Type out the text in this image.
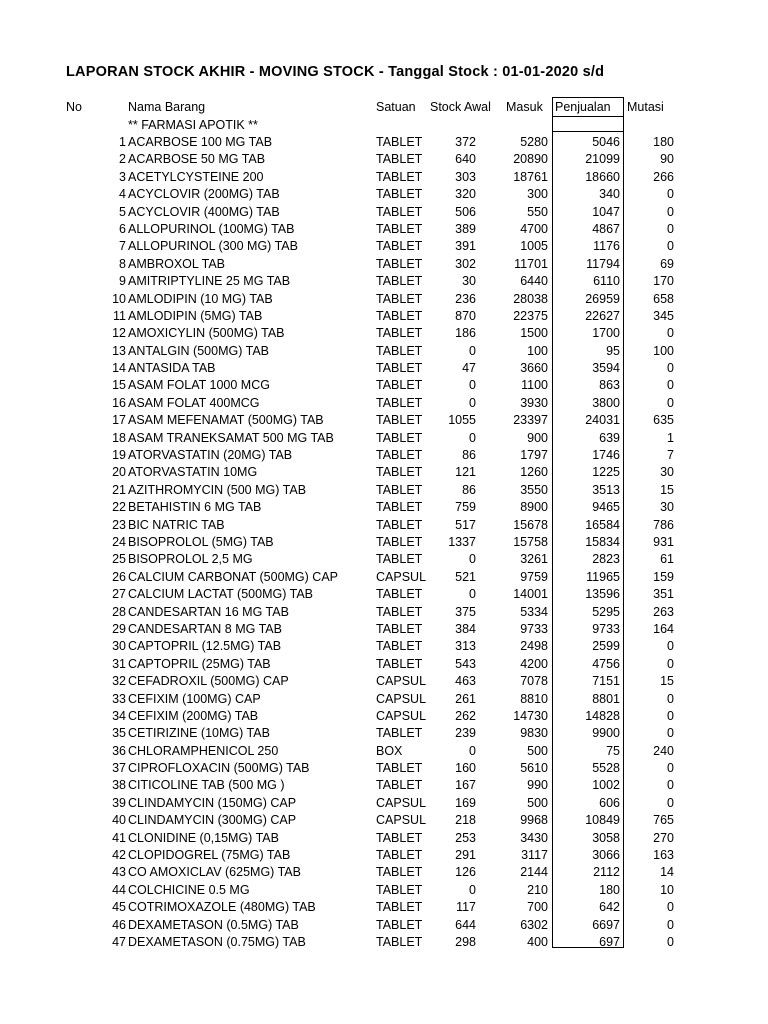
LAPORAN STOCK AKHIR - MOVING STOCK - Tanggal Stock : 01-01-2020 s/d
No	Nama Barang	Satuan Stock Awal Masuk Penjualan Mutasi
** FARMASI APOTIK **
1 ACARBOSE 100 MG TAB	TABLET	372	5280	5046	180
2 ACARBOSE 50 MG TAB	TABLET	640	20890	21099	90
3 ACETYLCYSTEINE 200	TABLET	303	18761	18660	266
4 ACYCLOVIR (200MG) TAB	TABLET	320	300	340	0
5 ACYCLOVIR (400MG) TAB	TABLET	506	550	1047	0
6 ALLOPURINOL (100MG) TAB	TABLET	389	4700	4867	0
7 ALLOPURINOL (300 MG) TAB	TABLET	391	1005	1176	0
8 AMBROXOL TAB	TABLET	302	11701	11794	69
9 AMITRIPTYLINE 25 MG TAB	TABLET	30	6440	6110	170
10 AMLODIPIN (10 MG) TAB	TABLET	236	28038	26959	658
11 AMLODIPIN (5MG) TAB	TABLET	870	22375	22627	345
12 AMOXICYLIN (500MG) TAB	TABLET	186	1500	1700	0
13 ANTALGIN (500MG) TAB	TABLET	0	100	95	100
14 ANTASIDA TAB	TABLET	47	3660	3594	0
15 ASAM FOLAT 1000 MCG	TABLET	0	1100	863	0
16 ASAM FOLAT 400MCG	TABLET	0	3930	3800	0
17 ASAM MEFENAMAT (500MG) TAB	TABLET 1055	23397	24031	635
18 ASAM TRANEKSAMAT 500 MG TAB	TABLET	0	900	639	1
19 ATORVASTATIN (20MG) TAB	TABLET	86	1797	1746	7
20 ATORVASTATIN 10MG	TABLET	121	1260	1225	30
21 AZITHROMYCIN (500 MG) TAB	TABLET	86	3550	3513	15
22 BETAHISTIN 6 MG TAB	TABLET	759	8900	9465	30
23 BIC NATRIC TAB	TABLET	517	15678	16584	786
24 BISOPROLOL (5MG) TAB	TABLET 1337	15758	15834	931
25 BISOPROLOL 2,5 MG	TABLET	0	3261	2823	61
26 CALCIUM CARBONAT (500MG) CAP	CAPSUL 521	9759	11965	159
27 CALCIUM LACTAT (500MG) TAB	TABLET	0	14001	13596	351
28 CANDESARTAN 16 MG TAB	TABLET	375	5334	5295	263
29 CANDESARTAN 8 MG TAB	TABLET	384	9733	9733	164
30 CAPTOPRIL (12.5MG) TAB	TABLET	313	2498	2599	0
31 CAPTOPRIL (25MG) TAB	TABLET	543	4200	4756	0
32 CEFADROXIL (500MG) CAP	CAPSUL 463	7078	7151	15
33 CEFIXIM (100MG) CAP	CAPSUL 261	8810	8801	0
34 CEFIXIM (200MG) TAB	CAPSUL 262	14730	14828	0
35 CETIRIZINE (10MG) TAB	TABLET	239	9830	9900	0
36 CHLORAMPHENICOL 250	BOX	0	500	75	240
37 CIPROFLOXACIN (500MG) TAB	TABLET	160	5610	5528	0
38 CITICOLINE TAB (500 MG )	TABLET	167	990	1002	0
39 CLINDAMYCIN (150MG) CAP	CAPSUL 169	500	606	0
40 CLINDAMYCIN (300MG) CAP	CAPSUL 218	9968	10849	765
41 CLONIDINE (0,15MG) TAB	TABLET	253	3430	3058	270
42 CLOPIDOGREL (75MG) TAB	TABLET	291	3117	3066	163
43 CO AMOXICLAV (625MG) TAB	TABLET	126	2144	2112	14
44 COLCHICINE 0.5 MG	TABLET	0	210	180	10
45 COTRIMOXAZOLE (480MG) TAB	TABLET	117	700	642	0
46 DEXAMETASON (0.5MG) TAB	TABLET	644	6302	6697	0
47 DEXAMETASON (0.75MG) TAB	TABLET	298	400	697	0
